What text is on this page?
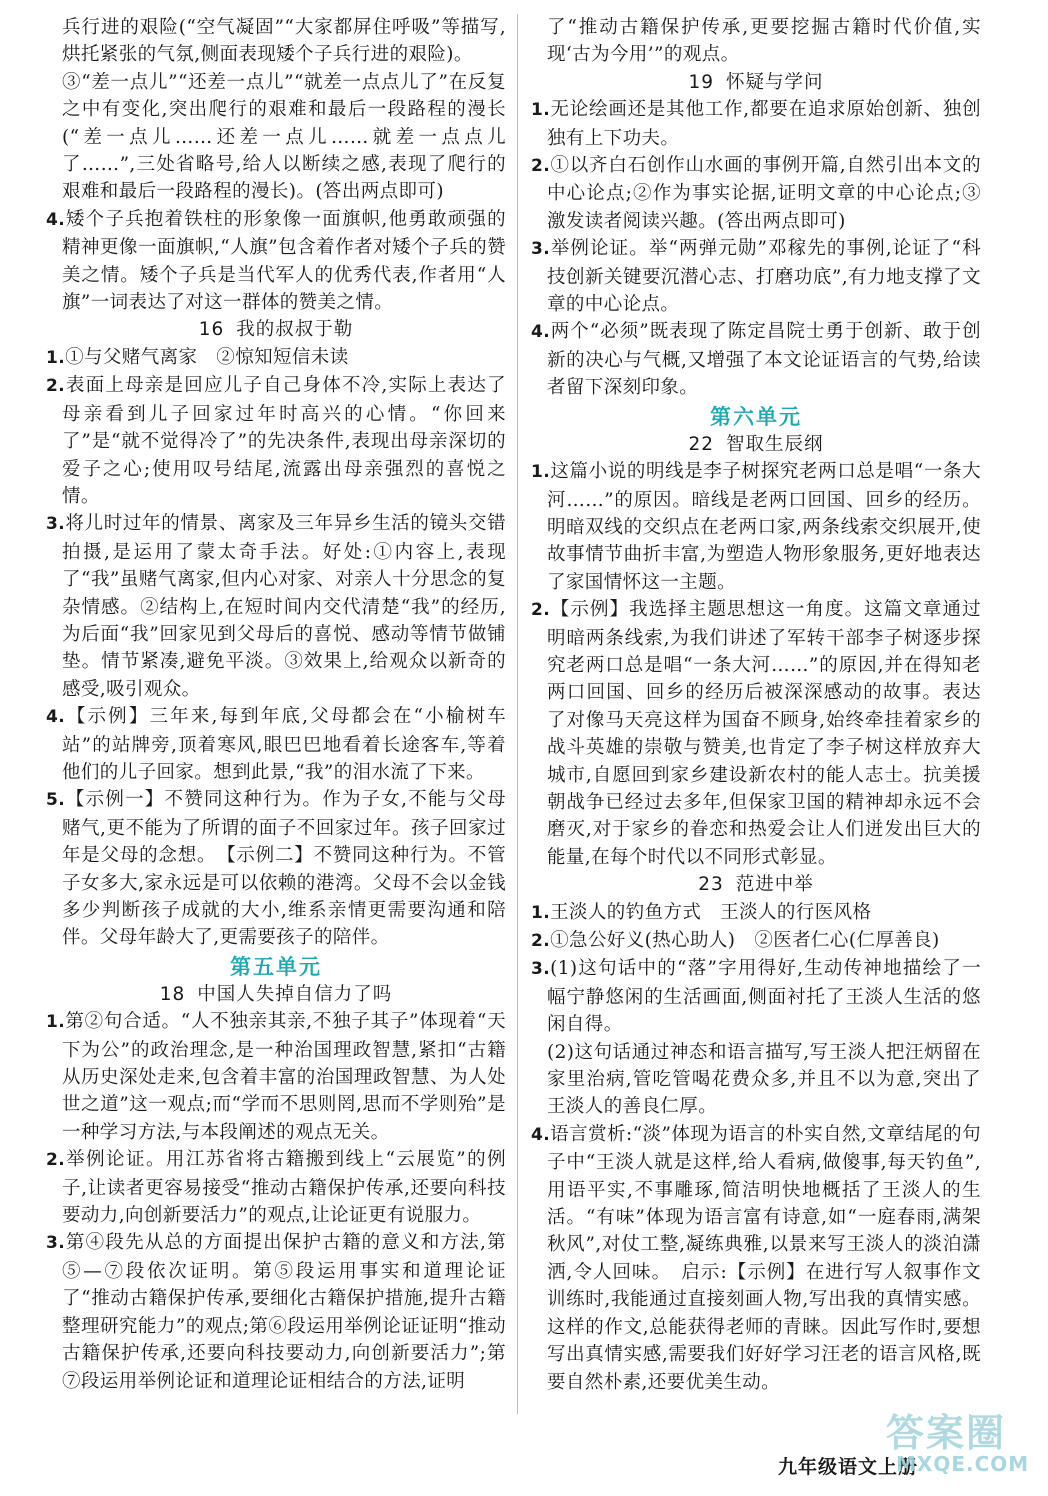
兵行进的艰险(“空气凝固”“大家都屏住呼吸”等描写,烘托紧张的气氛,侧面表现矮个子兵行进的艰险)。

③“差一点儿”“还差一点儿”“就差一点点儿了”在反复之中有变化,突出爬行的艰难和最后一段路程的漫长(“差一点儿……还差一点儿……就差一点点儿了……”,三处省略号,给人以断续之感,表现了爬行的艰难和最后一段路程的漫长)。(答出两点即可)

4.矮个子兵抱着铁柱的形象像一面旗帜,他勇敢顽强的精神更像一面旗帜,“人旗”包含着作者对矮个子兵的赞美之情。矮个子兵是当代军人的优秀代表,作者用“人旗”一词表达了对这一群体的赞美之情。

16 我的叔叔于勒

1.①与父赌气离家　②惊知短信未读

2.表面上母亲是回应儿子自己身体不冷,实际上表达了母亲看到儿子回家过年时高兴的心情。“你回来了”是“就不觉得冷了”的先决条件,表现出母亲深切的爱子之心;使用叹号结尾,流露出母亲强烈的喜悦之情。

3.将儿时过年的情景、离家及三年异乡生活的镜头交错拍摄,是运用了蒙太奇手法。好处:①内容上,表现了“我”虽赌气离家,但内心对家、对亲人十分思念的复杂情感。②结构上,在短时间内交代清楚“我”的经历,为后面“我”回家见到父母后的喜悦、感动等情节做铺垫。情节紧凑,避免平淡。③效果上,给观众以新奇的感受,吸引观众。

4.【示例】三年来,每到年底,父母都会在“小榆树车站”的站牌旁,顶着寒风,眼巴巴地看着长途客车,等着他们的儿子回家。想到此景,“我”的泪水流了下来。

5.【示例一】不赞同这种行为。作为子女,不能与父母赌气,更不能为了所谓的面子不回家过年。孩子回家过年是父母的念想。　【示例二】不赞同这种行为。不管子女多大,家永远是可以依赖的港湾。父母不会以金钱多少判断孩子成就的大小,维系亲情更需要沟通和陪伴。父母年龄大了,更需要孩子的陪伴。

第五单元

18 中国人失掉自信力了吗

1.第②句合适。“人不独亲其亲,不独子其子”体现着“天下为公”的政治理念,是一种治国理政智慧,紧扣“古籍从历史深处走来,包含着丰富的治国理政智慧、为人处世之道”这一观点;而“学而不思则罔,思而不学则殆”是一种学习方法,与本段阐述的观点无关。

2.举例论证。用江苏省将古籍搬到线上“云展览”的例子,让读者更容易接受“推动古籍保护传承,还要向科技要动力,向创新要活力”的观点,让论证更有说服力。

3.第④段先从总的方面提出保护古籍的意义和方法,第⑤—⑦段依次证明。第⑤段运用事实和道理论证了“推动古籍保护传承,要细化古籍保护措施,提升古籍整理研究能力”的观点;第⑥段运用举例论证证明“推动古籍保护传承,还要向科技要动力,向创新要活力”;第⑦段运用举例论证和道理论证相结合的方法,证明

了“推动古籍保护传承,更要挖掘古籍时代价值,实现‘古为今用’”的观点。

19 怀疑与学问

1.无论绘画还是其他工作,都要在追求原始创新、独创独有上下功夫。

2.①以齐白石创作山水画的事例开篇,自然引出本文的中心论点;②作为事实论据,证明文章的中心论点;③激发读者阅读兴趣。(答出两点即可)

3.举例论证。举“两弹元勋”邓稼先的事例,论证了“科技创新关键要沉潜心志、打磨功底”,有力地支撑了文章的中心论点。

4.两个“必须”既表现了陈定昌院士勇于创新、敢于创新的决心与气概,又增强了本文论证语言的气势,给读者留下深刻印象。

第六单元

22 智取生辰纲

1.这篇小说的明线是李子树探究老两口总是唱“一条大河……”的原因。暗线是老两口回国、回乡的经历。明暗双线的交织点在老两口家,两条线索交织展开,使故事情节曲折丰富,为塑造人物形象服务,更好地表达了家国情怀这一主题。

2.【示例】我选择主题思想这一角度。这篇文章通过明暗两条线索,为我们讲述了军转干部李子树逐步探究老两口总是唱“一条大河……”的原因,并在得知老两口回国、回乡的经历后被深深感动的故事。表达了对像马天亮这样为国奋不顾身,始终牵挂着家乡的战斗英雄的崇敬与赞美,也肯定了李子树这样放弃大城市,自愿回到家乡建设新农村的能人志士。抗美援朝战争已经过去多年,但保家卫国的精神却永远不会磨灭,对于家乡的眷恋和热爱会让人们迸发出巨大的能量,在每个时代以不同形式彰显。

23 范进中举

1.王淡人的钓鱼方式　王淡人的行医风格

2.①急公好义(热心助人)　②医者仁心(仁厚善良)

3.(1)这句话中的“落”字用得好,生动传神地描绘了一幅宁静悠闲的生活画面,侧面衬托了王淡人生活的悠闲自得。

(2)这句话通过神态和语言描写,写王淡人把汪炳留在家里治病,管吃管喝花费众多,并且不以为意,突出了王淡人的善良仁厚。

4.语言赏析:“淡”体现为语言的朴实自然,文章结尾的句子中“王淡人就是这样,给人看病,做傻事,每天钓鱼”,用语平实,不事雕琢,简洁明快地概括了王淡人的生活。“有味”体现为语言富有诗意,如“一庭春雨,满架秋风”,对仗工整,凝练典雅,以景来写王淡人的淡泊潇洒,令人回味。　启示:【示例】在进行写人叙事作文训练时,我能通过直接刻画人物,写出我的真情实感。这样的作文,总能获得老师的青睐。因此写作时,要想写出真情实感,需要我们好好学习汪老的语言风格,既要自然朴素,还要优美生动。

九年级语文上册
答案圈
MXQE.COM
